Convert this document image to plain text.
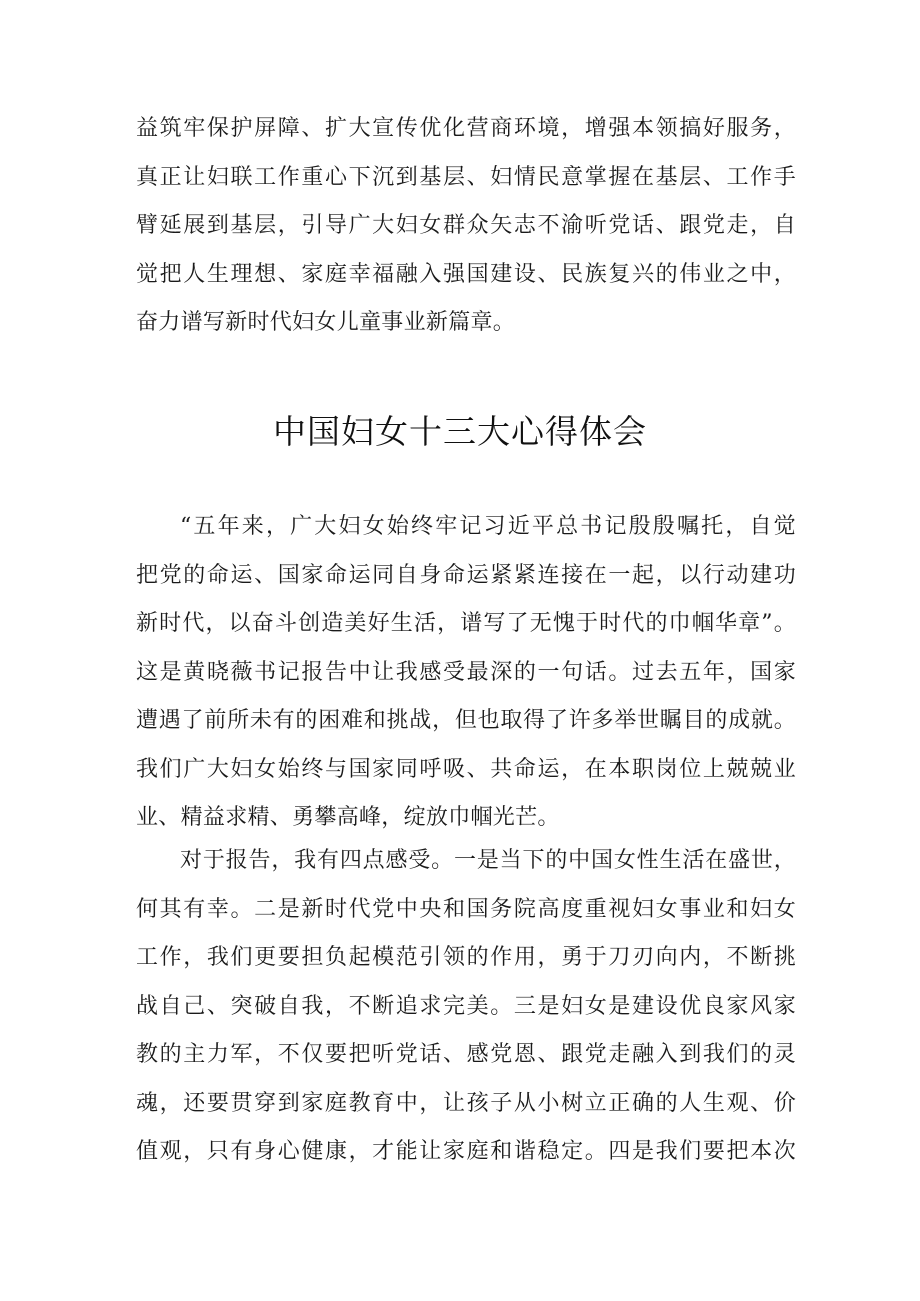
益筑牢保护屏障、扩大宣传优化营商环境，增强本领搞好服务，
真正让妇联工作重心下沉到基层、妇情民意掌握在基层、工作手
臂延展到基层，引导广大妇女群众矢志不渝听党话、跟党走，自
觉把人生理想、家庭幸福融入强国建设、民族复兴的伟业之中，
奋力谱写新时代妇女儿童事业新篇章。
中国妇女十三大心得体会
“五年来，广大妇女始终牢记习近平总书记殷殷嘱托，自觉
把党的命运、国家命运同自身命运紧紧连接在一起，以行动建功
新时代，以奋斗创造美好生活，谱写了无愧于时代的巾帼华章”。
这是黄晓薇书记报告中让我感受最深的一句话。过去五年，国家
遭遇了前所未有的困难和挑战，但也取得了许多举世瞩目的成就。
我们广大妇女始终与国家同呼吸、共命运，在本职岗位上兢兢业
业、精益求精、勇攀高峰，绽放巾帼光芒。
对于报告，我有四点感受。一是当下的中国女性生活在盛世，
何其有幸。二是新时代党中央和国务院高度重视妇女事业和妇女
工作，我们更要担负起模范引领的作用，勇于刀刃向内，不断挑
战自己、突破自我，不断追求完美。三是妇女是建设优良家风家
教的主力军，不仅要把听党话、感党恩、跟党走融入到我们的灵
魂，还要贯穿到家庭教育中，让孩子从小树立正确的人生观、价
值观，只有身心健康，才能让家庭和谐稳定。四是我们要把本次
